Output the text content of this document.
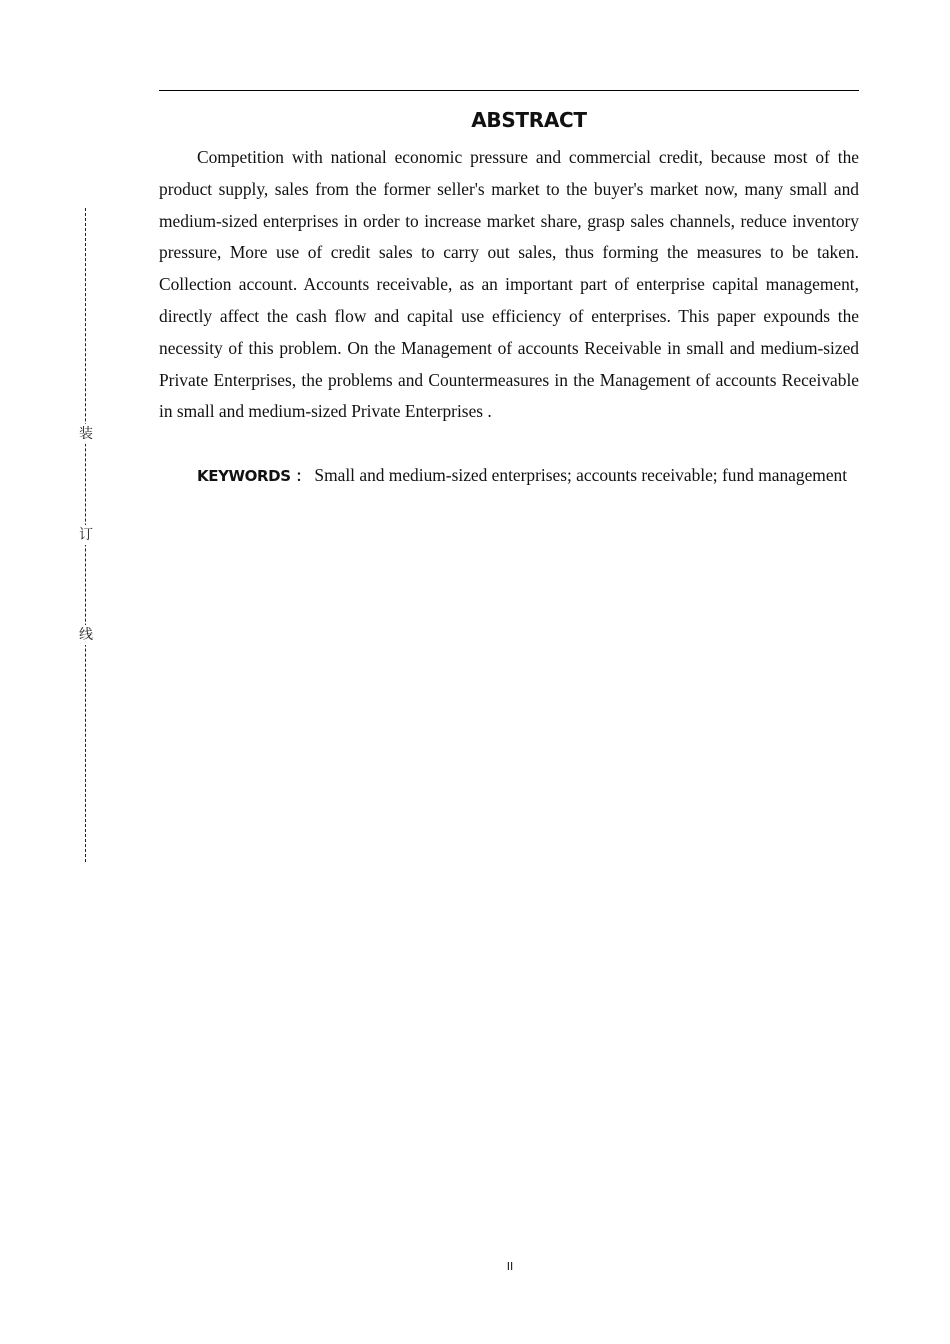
装
订
线
ABSTRACT

Competition with national economic pressure and commercial credit, because most of the product supply, sales from the former seller's market to the buyer's market now, many small and medium-sized enterprises in order to increase market share, grasp sales channels, reduce inventory pressure, More use of credit sales to carry out sales, thus forming the measures to be taken. Collection account. Accounts receivable, as an important part of enterprise capital management, directly affect the cash flow and capital use efficiency of enterprises. This paper expounds the necessity of this problem. On the Management of accounts Receivable in small and medium-sized Private Enterprises, the problems and Countermeasures in the Management of accounts Receivable in small and medium-sized Private Enterprises .

KEYWORDS ： Small and medium-sized enterprises; accounts receivable; fund management

II
